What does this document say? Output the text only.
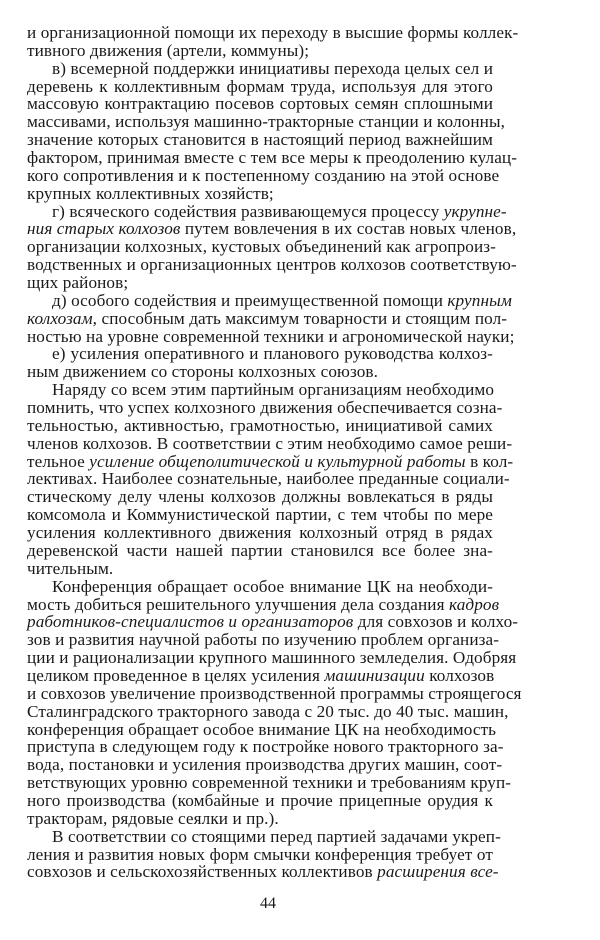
и организационной помощи их переходу в высшие формы коллек-
тивного движения (артели, коммуны);
в) всемерной поддержки инициативы перехода целых сел и
деревень к коллективным формам труда, используя для этого
массовую контрактацию посевов сортовых семян сплошными
массивами, используя машинно-тракторные станции и колонны,
значение которых становится в настоящий период важнейшим
фактором, принимая вместе с тем все меры к преодолению кулац-
кого сопротивления и к постепенному созданию на этой основе
крупных коллективных хозяйств;
г) всяческого содействия развивающемуся процессу укрупне-
ния старых колхозов путем вовлечения в их состав новых членов,
организации колхозных, кустовых объединений как агропроиз-
водственных и организационных центров колхозов соответствую-
щих районов;
д) особого содействия и преимущественной помощи крупным
колхозам, способным дать максимум товарности и стоящим пол-
ностью на уровне современной техники и агрономической науки;
е) усиления оперативного и планового руководства колхоз-
ным движением со стороны колхозных союзов.
Наряду со всем этим партийным организациям необходимо
помнить, что успех колхозного движения обеспечивается созна-
тельностью, активностью, грамотностью, инициативой самих
членов колхозов. В соответствии с этим необходимо самое реши-
тельное усиление общеполитической и культурной работы в кол-
лективах. Наиболее сознательные, наиболее преданные социали-
стическому делу члены колхозов должны вовлекаться в ряды
комсомола и Коммунистической партии, с тем чтобы по мере
усиления коллективного движения колхозный отряд в рядах
деревенской части нашей партии становился все более зна-
чительным.
Конференция обращает особое внимание ЦК на необходи-
мость добиться решительного улучшения дела создания кадров
работников-специалистов и организаторов для совхозов и колхо-
зов и развития научной работы по изучению проблем организа-
ции и рационализации крупного машинного земледелия. Одобряя
целиком проведенное в целях усиления машинизации колхозов
и совхозов увеличение производственной программы строящегося
Сталинградского тракторного завода с 20 тыс. до 40 тыс. машин,
конференция обращает особое внимание ЦК на необходимость
приступа в следующем году к постройке нового тракторного за-
вода, постановки и усиления производства других машин, соот-
ветствующих уровню современной техники и требованиям круп-
ного производства (комбайные и прочие прицепные орудия к
тракторам, рядовые сеялки и пр.).
В соответствии со стоящими перед партией задачами укреп-
ления и развития новых форм смычки конференция требует от
совхозов и сельскохозяйственных коллективов расширения все-
44
